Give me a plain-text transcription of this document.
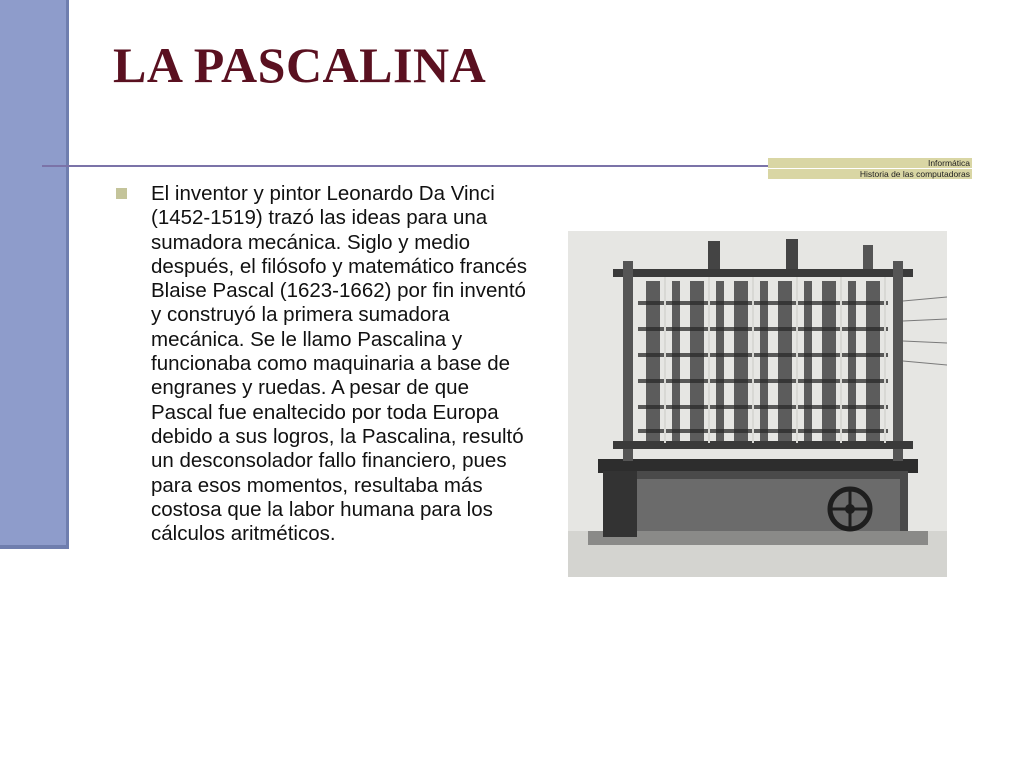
LA PASCALINA
Informática
Historia de las computadoras

El inventor y pintor Leonardo Da Vinci (1452-1519) trazó las ideas para una sumadora mecánica. Siglo y medio después, el filósofo y matemático francés Blaise Pascal (1623-1662) por fin inventó y construyó la primera sumadora mecánica. Se le llamo Pascalina y funcionaba como maquinaria a base de engranes y ruedas. A pesar de que Pascal fue enaltecido por toda Europa debido a sus logros, la Pascalina, resultó un desconsolador fallo financiero, pues para esos momentos, resultaba más costosa que la labor humana para los cálculos aritméticos.
